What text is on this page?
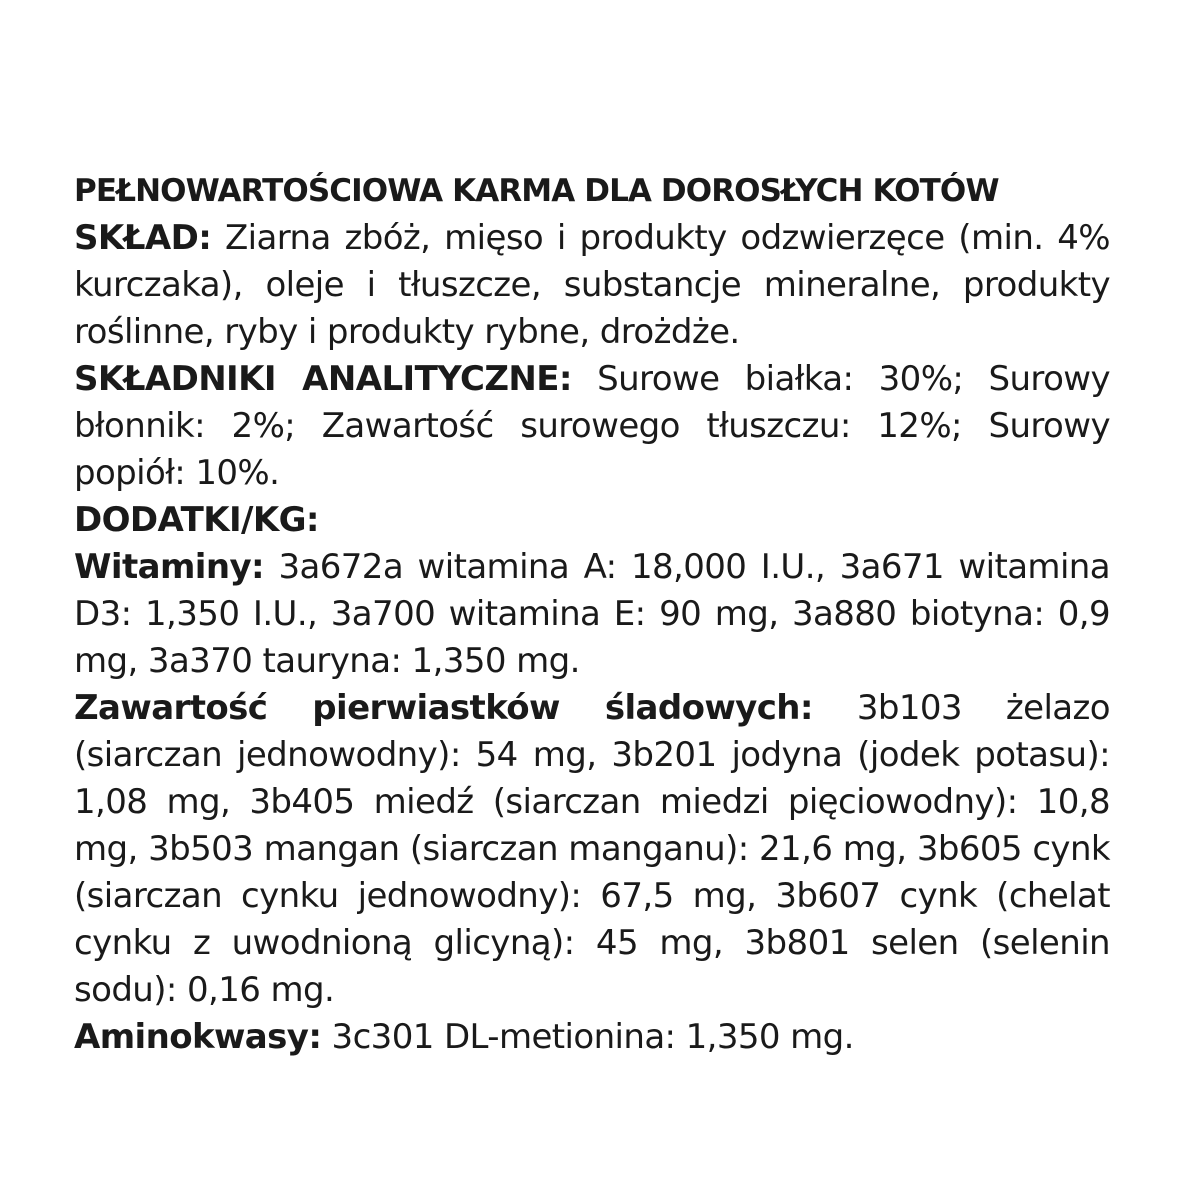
PEŁNOWARTOŚCIOWA KARMA DLA DOROSŁYCH KOTÓW

SKŁAD: Ziarna zbóż, mięso i produkty odzwierzęce (min. 4% kurczaka), oleje i tłuszcze, substancje mineralne, produkty roślinne, ryby i produkty rybne, drożdże.

SKŁADNIKI ANALITYCZNE: Surowe białka: 30%; Surowy błonnik: 2%; Zawartość surowego tłuszczu: 12%; Surowy popiół: 10%.

DODATKI/KG:

Witaminy: 3a672a witamina A: 18,000 I.U., 3a671 witamina D3: 1,350 I.U., 3a700 witamina E: 90 mg, 3a880 biotyna: 0,9 mg, 3a370 tauryna: 1,350 mg.

Zawartość pierwiastków śladowych: 3b103 żelazo (siarczan jednowodny): 54 mg, 3b201 jodyna (jodek potasu): 1,08 mg, 3b405 miedź (siarczan miedzi pięciowodny): 10,8 mg, 3b503 mangan (siarczan manganu): 21,6 mg, 3b605 cynk (siarczan cynku jednowodny): 67,5 mg, 3b607 cynk (chelat cynku z uwodnioną glicyną): 45 mg, 3b801 selen (selenin sodu): 0,16 mg.

Aminokwasy: 3c301 DL-metionina: 1,350 mg.
